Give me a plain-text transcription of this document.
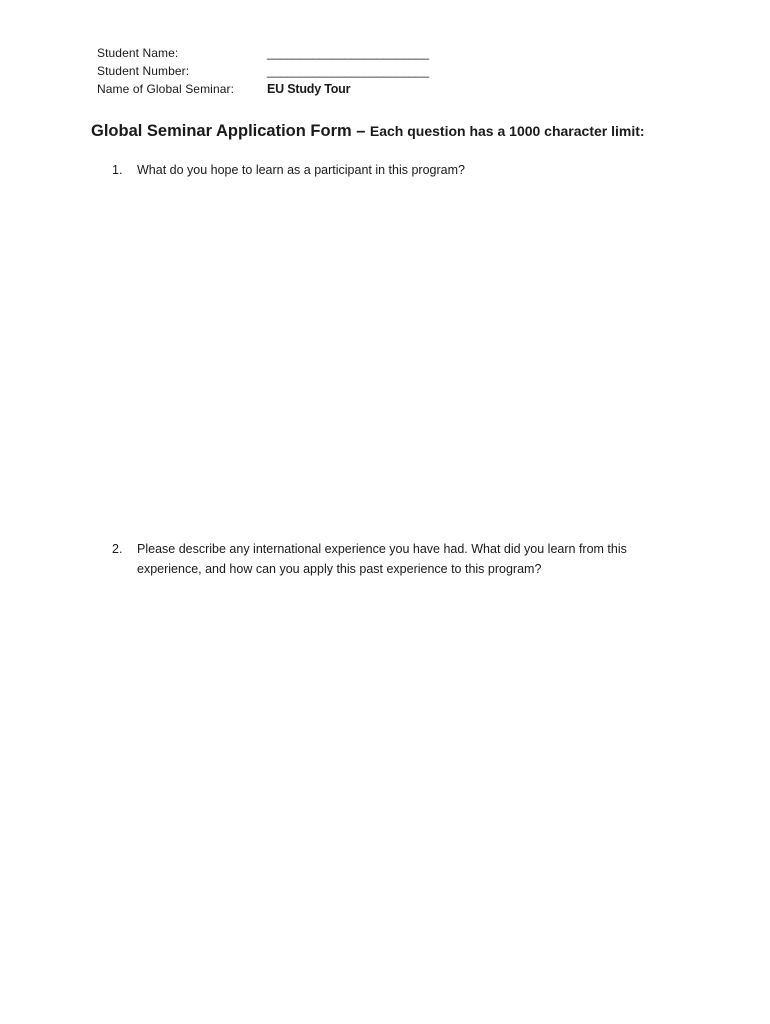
Student Name:	_________________________
Student Number:	_________________________
Name of Global Seminar:	EU Study Tour
Global Seminar Application Form – Each question has a 1000 character limit:
1.	What do you hope to learn as a participant in this program?
2.	Please describe any international experience you have had. What did you learn from this experience, and how can you apply this past experience to this program?
